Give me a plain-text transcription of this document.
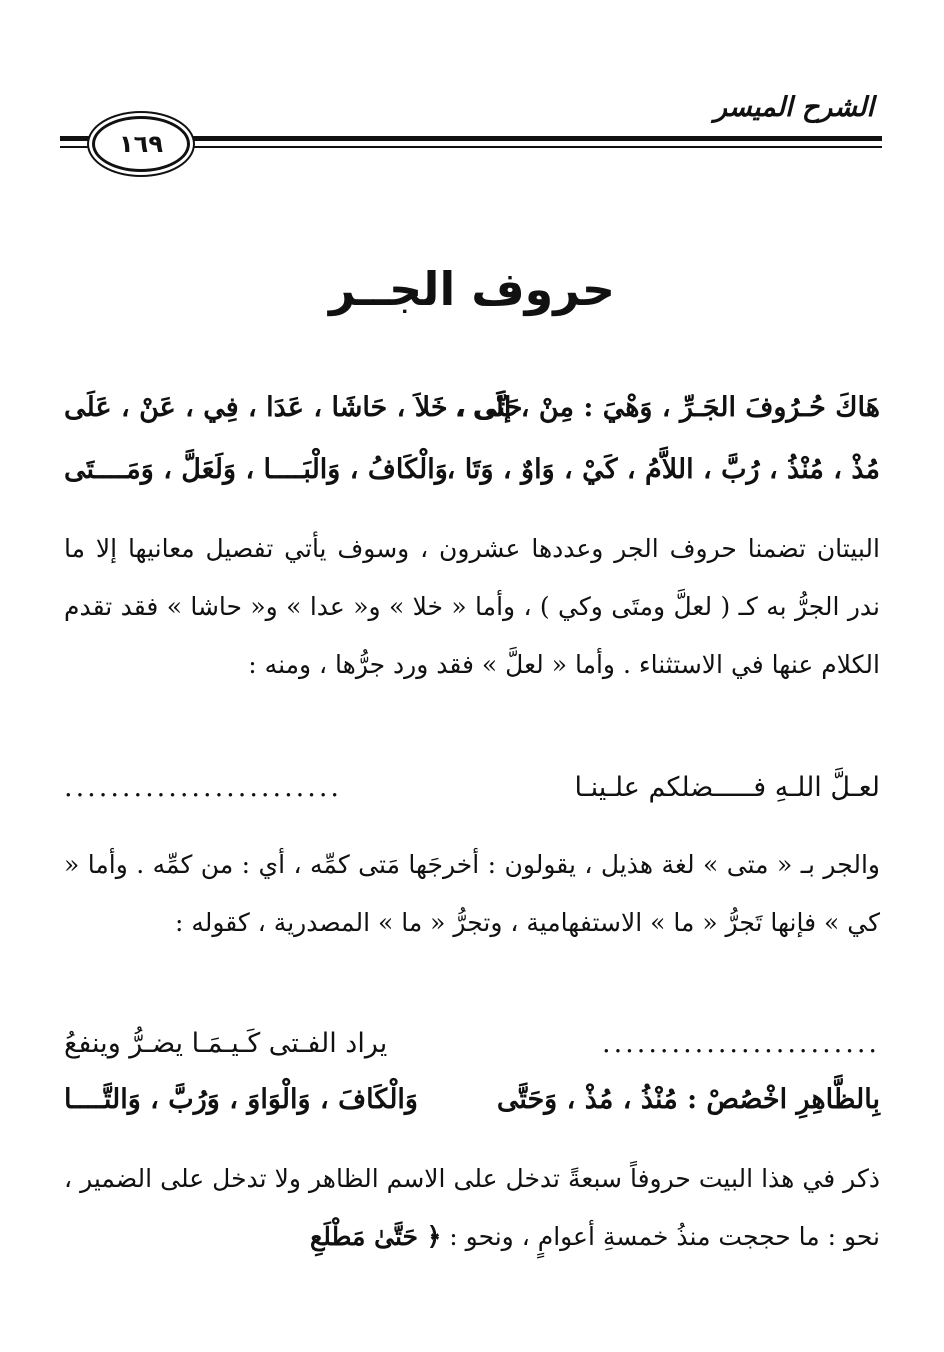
الشرح الميسر
١٦٩
حروف الجــر
هَاكَ حُـرُوفَ الجَـرِّ ، وَهْيَ : مِنْ ، إلَى ،
حَتَّى ، خَلاَ ، حَاشَا ، عَدَا ، فِي ، عَنْ ، عَلَى
مُذْ ، مُنْذُ ، رُبَّ ، اللاَّمُ ، كَيْ ، وَاوٌ ، وَتَا ،
وَالْكَافُ ، وَالْبَــــا ، وَلَعَلَّ ، وَمَــــتَى

البيتان تضمنا حروف الجر وعددها عشرون ، وسوف يأتي تفصيل معانيها إلا ما ندر الجرُّ به كـ ( لعلَّ ومتَى وكي ) ، وأما « خلا » و« عدا » و« حاشا » فقد تقدم الكلام عنها في الاستثناء . وأما « لعلَّ » فقد ورد جرُّها ، ومنه :

لعـلَّ اللـهِ فـــــضلكم علـينـا
........................

والجر بـ « متى » لغة هذيل ، يقولون : أخرجَها مَتى كمِّه ، أي : من كمِّه . وأما « كي » فإنها تَجرُّ « ما » الاستفهامية ، وتجرُّ « ما » المصدرية ، كقوله :

........................
يراد الفـتى كَـيـمَـا يضـرُّ وينفعُ
بِالظَّاهِرِ اخْصُصْ : مُنْذُ ، مُذْ ، وَحَتَّى
وَالْكَافَ ، وَالْوَاوَ ، وَرُبَّ ، وَالتَّــــا

ذكر في هذا البيت حروفاً سبعةً تدخل على الاسم الظاهر ولا تدخل على الضمير ، نحو : ما حججت منذُ خمسةِ أعوامٍ ، ونحو : ﴿ حَتَّىٰ مَطْلَعِ
